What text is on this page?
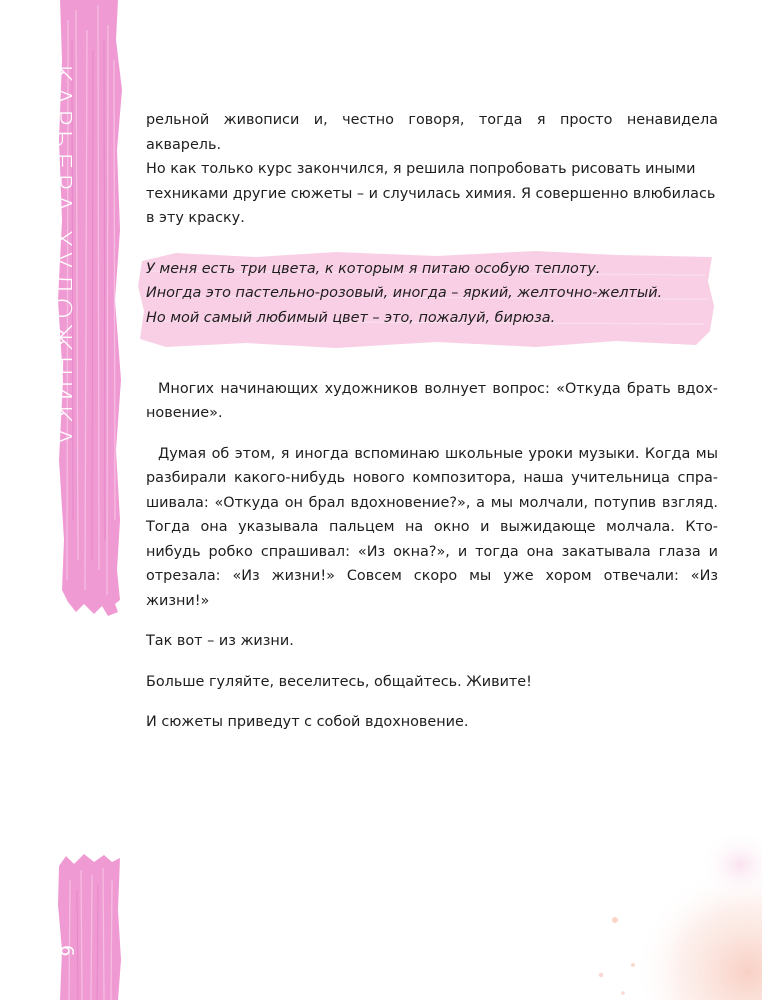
КАРЬЕРА ХУДОЖНИКА
6

рельной живописи и, честно говоря, тогда я просто ненавидела акварель.
Но как только курс закончился, я решила попробовать рисовать иными
техниками другие сюжеты – и случилась химия. Я совершенно влюбилась
в эту краску.

У меня есть три цвета, к которым я питаю особую теплоту.
Иногда это пастельно-розовый, иногда – яркий, желточно-желтый.
Но мой самый любимый цвет – это, пожалуй, бирюза.

Многих начинающих художников волнует вопрос: «Откуда брать вдох-новение».

Думая об этом, я иногда вспоминаю школьные уроки музыки. Когда мы разбирали какого-нибудь нового композитора, наша учительница спра-шивала: «Откуда он брал вдохновение?», а мы молчали, потупив взгляд. Тогда она указывала пальцем на окно и выжидающе молчала. Кто-нибудь робко спрашивал: «Из окна?», и тогда она закатывала глаза и отрезала: «Из жизни!» Совсем скоро мы уже хором отвечали: «Из жизни!»

Так вот – из жизни.

Больше гуляйте, веселитесь, общайтесь. Живите!

И сюжеты приведут с собой вдохновение.
